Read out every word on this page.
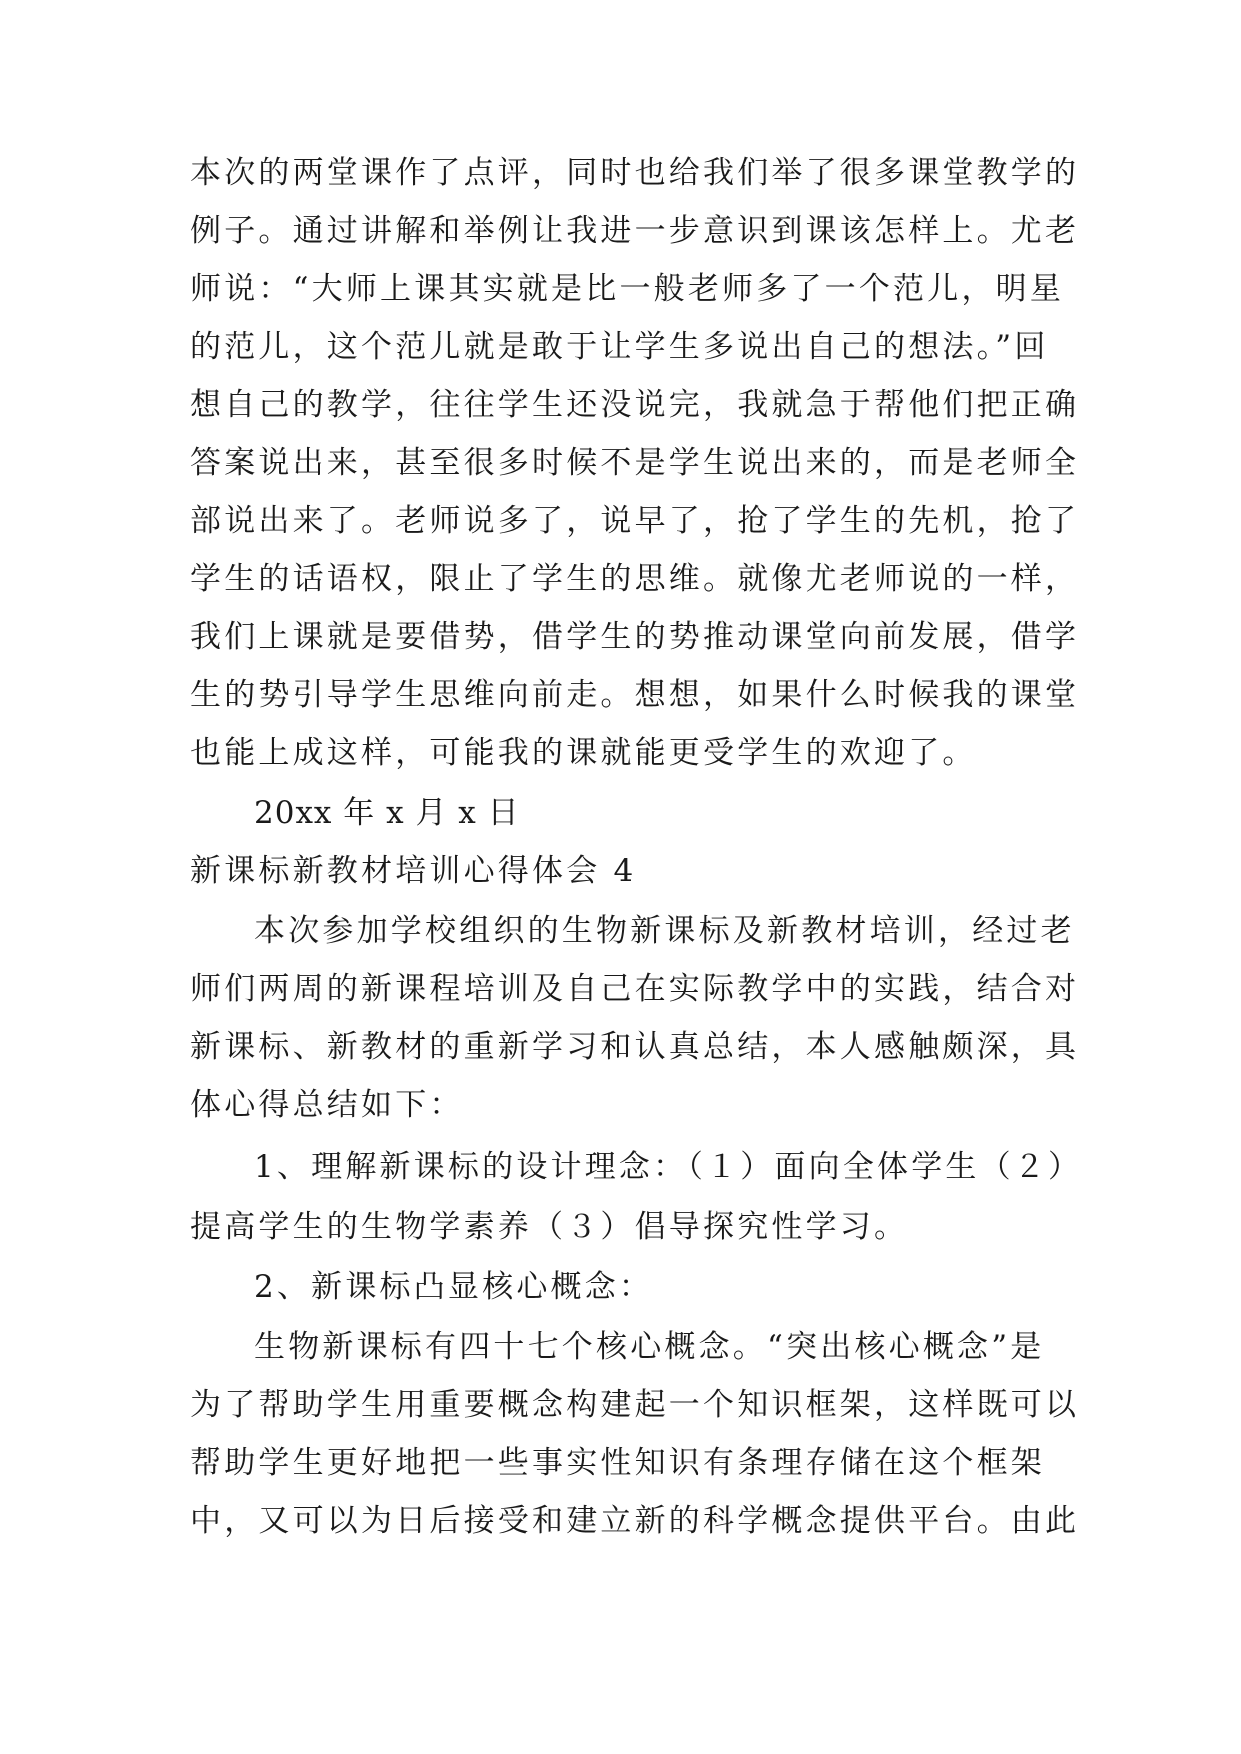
本次的两堂课作了点评，同时也给我们举了很多课堂教学的
例子。通过讲解和举例让我进一步意识到课该怎样上。尤老
师说：“大师上课其实就是比一般老师多了一个范儿，明星
的范儿，这个范儿就是敢于让学生多说出自己的想法。”回
想自己的教学，往往学生还没说完，我就急于帮他们把正确
答案说出来，甚至很多时候不是学生说出来的，而是老师全
部说出来了。老师说多了，说早了，抢了学生的先机，抢了
学生的话语权，限止了学生的思维。就像尤老师说的一样，
我们上课就是要借势，借学生的势推动课堂向前发展，借学
生的势引导学生思维向前走。想想，如果什么时候我的课堂
也能上成这样，可能我的课就能更受学生的欢迎了。
20xx 年 x 月 x 日
新课标新教材培训心得体会 4
本次参加学校组织的生物新课标及新教材培训，经过老
师们两周的新课程培训及自己在实际教学中的实践，结合对
新课标、新教材的重新学习和认真总结，本人感触颇深，具
体心得总结如下：
1、理解新课标的设计理念：（１）面向全体学生（２）
提高学生的生物学素养（３）倡导探究性学习。
2、新课标凸显核心概念：
生物新课标有四十七个核心概念。“突出核心概念”是
为了帮助学生用重要概念构建起一个知识框架，这样既可以
帮助学生更好地把一些事实性知识有条理存储在这个框架
中，又可以为日后接受和建立新的科学概念提供平台。由此
